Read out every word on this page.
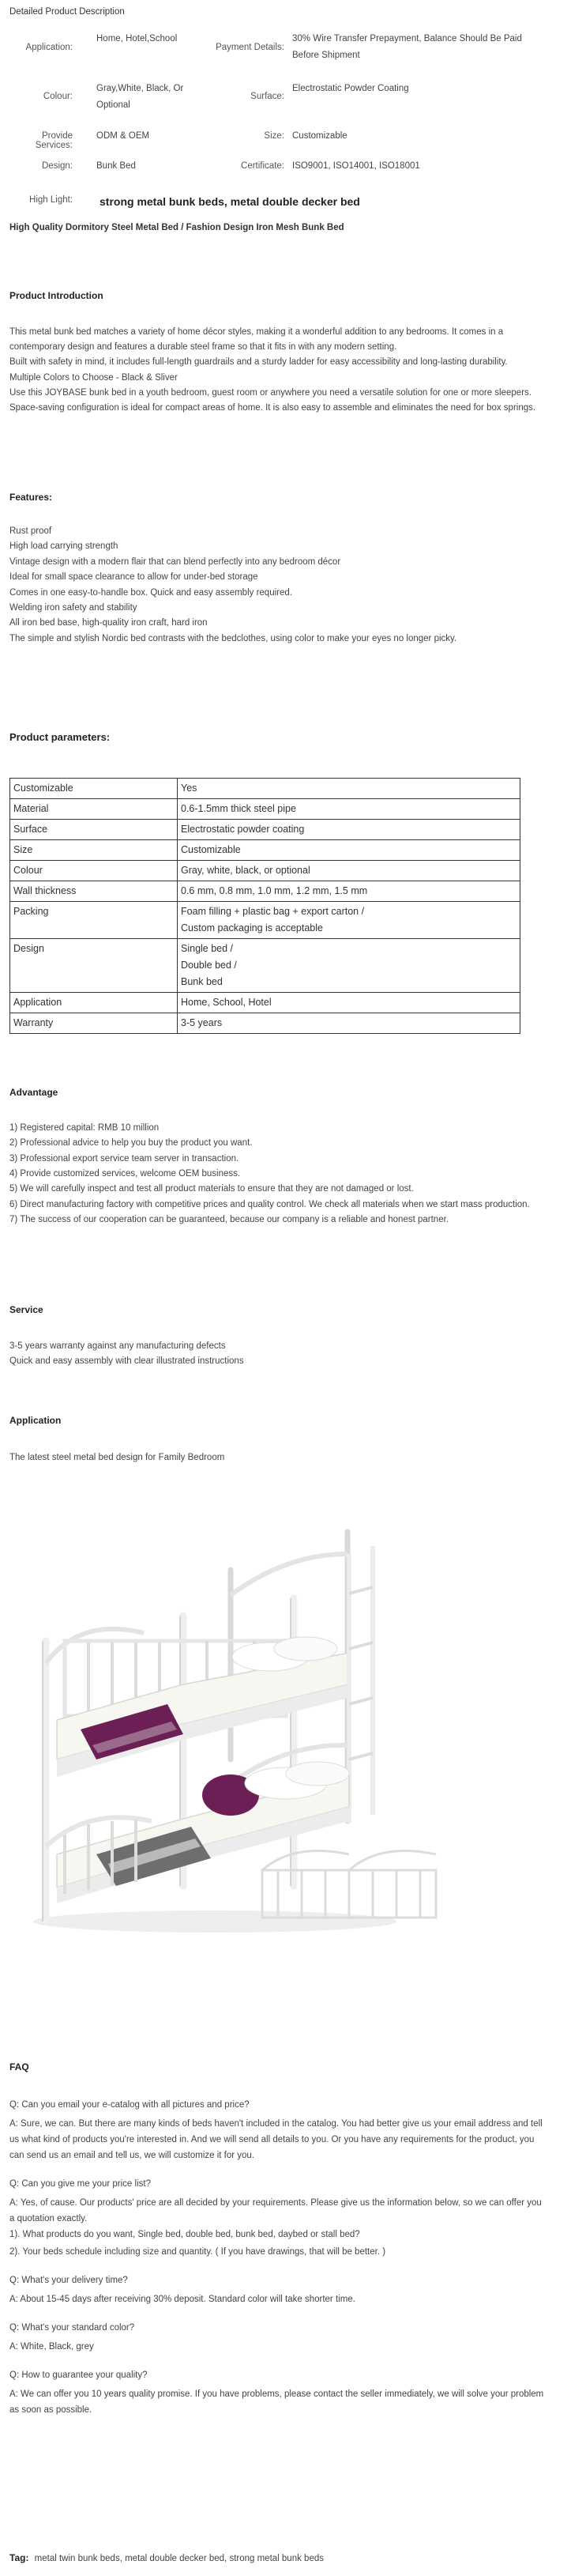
Detailed Product Description
Application:
Home, Hotel,School
Payment Details:
30% Wire Transfer Prepayment, Balance Should Be Paid
Before Shipment
Colour:
Gray,White, Black, Or
Optional
Surface:
Electrostatic Powder Coating
Provide Services:
ODM & OEM	Size: Customizable
Design:	Bunk Bed	Certificate: ISO9001, ISO14001, ISO18001
High Light: strong metal bunk beds, metal double decker bed
High Quality Dormitory Steel Metal Bed / Fashion Design Iron Mesh Bunk Bed
Product Introduction
This metal bunk bed matches a variety of home décor styles, making it a wonderful addition to any bedrooms. It comes in a
contemporary design and features a durable steel frame so that it fits in with any modern setting.
Built with safety in mind, it includes full-length guardrails and a sturdy ladder for easy accessibility and long-lasting durability.
Multiple Colors to Choose - Black & Sliver
Use this JOYBASE bunk bed in a youth bedroom, guest room or anywhere you need a versatile solution for one or more sleepers.
Space-saving configuration is ideal for compact areas of home. It is also easy to assemble and eliminates the need for box springs.
Features:
Rust proof
High load carrying strength
Vintage design with a modern flair that can blend perfectly into any bedroom décor
Ideal for small space clearance to allow for under-bed storage
Comes in one easy-to-handle box. Quick and easy assembly required.
Welding iron safety and stability
All iron bed base, high-quality iron craft, hard iron
The simple and stylish Nordic bed contrasts with the bedclothes, using color to make your eyes no longer picky.
Product parameters:
Customizable	Yes
Material	0.6-1.5mm thick steel pipe
Surface	Electrostatic powder coating
Size	Customizable
Colour	Gray, white, black, or optional
Wall thickness	0.6 mm, 0.8 mm, 1.0 mm, 1.2 mm, 1.5 mm
Packing	Foam filling + plastic bag + export carton /
Custom packaging is acceptable
Design	Single bed /
Double bed /
Bunk bed
Application	Home, School, Hotel
Warranty	3-5 years
Advantage
1) Registered capital: RMB 10 million
2) Professional advice to help you buy the product you want.
3) Professional export service team server in transaction.
4) Provide customized services, welcome OEM business.
5) We will carefully inspect and test all product materials to ensure that they are not damaged or lost.
6) Direct manufacturing factory with competitive prices and quality control. We check all materials when we start mass production.
7) The success of our cooperation can be guaranteed, because our company is a reliable and honest partner.
Service
3-5 years warranty against any manufacturing defects
Quick and easy assembly with clear illustrated instructions
Application
The latest steel metal bed design for Family Bedroom
FAQ
Q: Can you email your e-catalog with all pictures and price?
A: Sure, we can. But there are many kinds of beds haven't included in the catalog. You had better give us your email address and tell
us what kind of products you're interested in. And we will send all details to you. Or you have any requirements for the product, you
can send us an email and tell us, we will customize it for you.
Q: Can you give me your price list?
A: Yes, of cause. Our products' price are all decided by your requirements. Please give us the information below, so we can offer you
a quotation exactly.
1). What products do you want, Single bed, double bed, bunk bed, daybed or stall bed?
2). Your beds schedule including size and quantity. ( If you have drawings, that will be better. )
Q: What's your delivery time?
A: About 15-45 days after receiving 30% deposit. Standard color will take shorter time.
Q: What's your standard color?
A: White, Black, grey
Q: How to guarantee your quality?
A: We can offer you 10 years quality promise. If you have problems, please contact the seller immediately, we will solve your problem
as soon as possible.
Tag: metal twin bunk beds, metal double decker bed, strong metal bunk beds
